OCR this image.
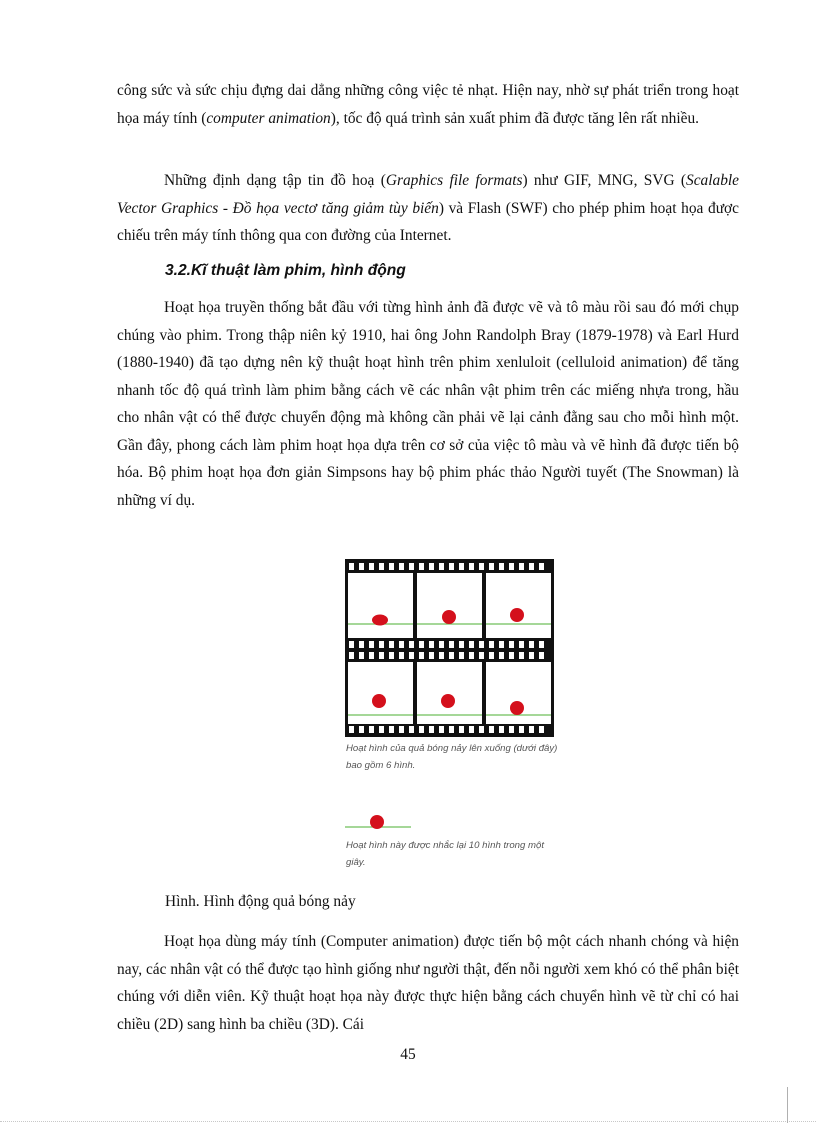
công sức và sức chịu đựng dai dẳng những công việc tẻ nhạt. Hiện nay, nhờ sự phát triển trong hoạt họa máy tính (computer animation), tốc độ quá trình sản xuất phim đã được tăng lên rất nhiều.

Những định dạng tập tin đồ hoạ (Graphics file formats) như GIF, MNG, SVG (Scalable Vector Graphics - Đồ họa vectơ tăng giảm tùy biến) và Flash (SWF) cho phép phim hoạt họa được chiếu trên máy tính thông qua con đường của Internet.

3.2.Kĩ thuật làm phim, hình động

Hoạt họa truyền thống bắt đầu với từng hình ảnh đã được vẽ và tô màu rồi sau đó mới chụp chúng vào phim. Trong thập niên kỷ 1910, hai ông John Randolph Bray (1879-1978) và Earl Hurd (1880-1940) đã tạo dựng nên kỹ thuật hoạt hình trên phim xenluloit (celluloid animation) để tăng nhanh tốc độ quá trình làm phim bằng cách vẽ các nhân vật phim trên các miếng nhựa trong, hầu cho nhân vật có thể được chuyển động mà không cần phải vẽ lại cảnh đằng sau cho mỗi hình một. Gần đây, phong cách làm phim hoạt họa dựa trên cơ sở của việc tô màu và vẽ hình đã được tiến bộ hóa. Bộ phim hoạt họa đơn giản Simpsons hay bộ phim phác thảo Người tuyết (The Snowman) là những ví dụ.

Hoạt hình của quả bóng nảy lên xuống (dưới đây) bao gồm 6 hình.

Hoạt hình này được nhắc lại 10 hình trong một giây.

Hình. Hình động quả bóng nảy

Hoạt họa dùng máy tính (Computer animation) được tiến bộ một cách nhanh chóng và hiện nay, các nhân vật có thể được tạo hình giống như người thật, đến nỗi người xem khó có thể phân biệt chúng với diễn viên. Kỹ thuật hoạt họa này được thực hiện bằng cách chuyển hình vẽ từ chỉ có hai chiều (2D) sang hình ba chiều (3D). Cái

45
